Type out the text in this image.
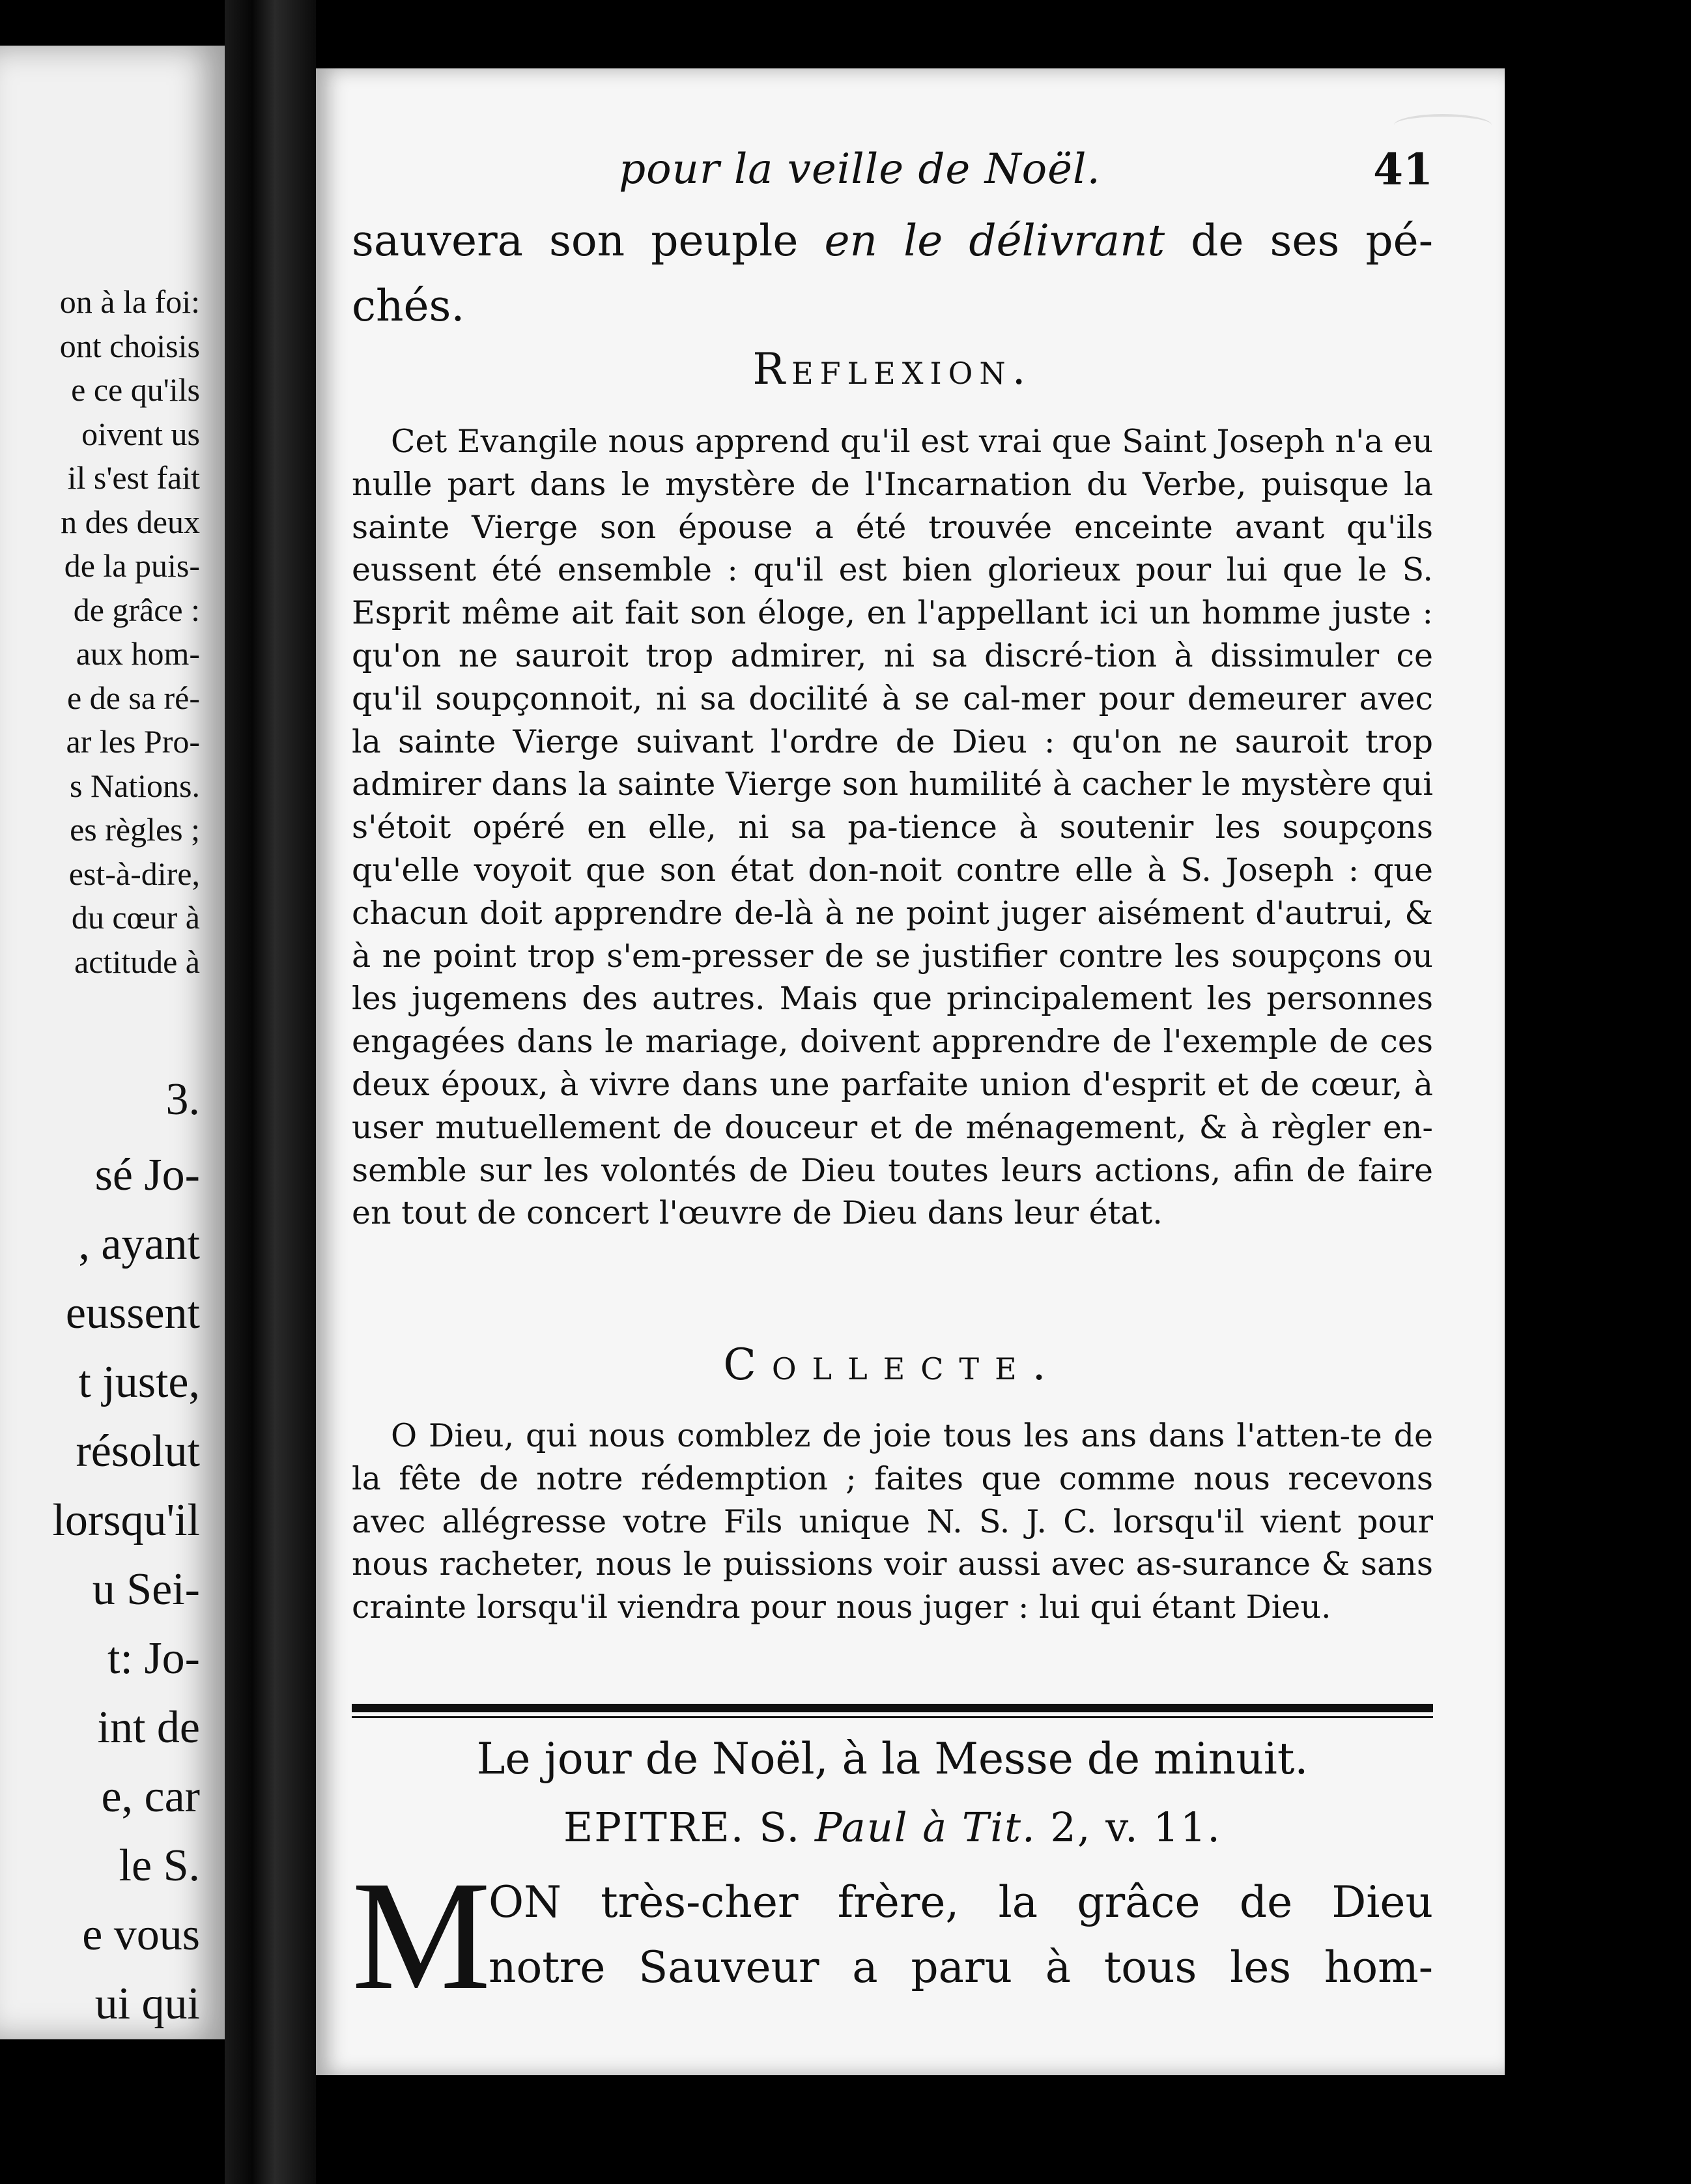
on à la foi:
ont choisis
e ce qu'ils
oivent us
il s'est fait
n des deux
de la puis-
de grâce :
aux hom-
e de sa ré-
ar les Pro-
s Nations.
es règles ;
est-à-dire,
du cœur à
actitude à
3.
sé Jo-
, ayant
eussent
t juste,
résolut
lorsqu'il
u Sei-
t: Jo-
int de
e, car
le S.
e vous
ui qui
pour la veille de Noël.	41

sauvera son peuple en le délivrant de ses pé-chés.

Reflexion.

Cet Evangile nous apprend qu'il est vrai que Saint Joseph n'a eu nulle part dans le mystère de l'Incarnation du Verbe, puisque la sainte Vierge son épouse a été trouvée enceinte avant qu'ils eussent été ensemble : qu'il est bien glorieux pour lui que le S. Esprit même ait fait son éloge, en l'appellant ici un homme juste : qu'on ne sauroit trop admirer, ni sa discré-tion à dissimuler ce qu'il soupçonnoit, ni sa docilité à se cal-mer pour demeurer avec la sainte Vierge suivant l'ordre de Dieu : qu'on ne sauroit trop admirer dans la sainte Vierge son humilité à cacher le mystère qui s'étoit opéré en elle, ni sa pa-tience à soutenir les soupçons qu'elle voyoit que son état don-noit contre elle à S. Joseph : que chacun doit apprendre de-là à ne point juger aisément d'autrui, & à ne point trop s'em-presser de se justifier contre les soupçons ou les jugemens des autres. Mais que principalement les personnes engagées dans le mariage, doivent apprendre de l'exemple de ces deux époux, à vivre dans une parfaite union d'esprit et de cœur, à user mutuellement de douceur et de ménagement, & à règler en-semble sur les volontés de Dieu toutes leurs actions, afin de faire en tout de concert l'œuvre de Dieu dans leur état.

Collecte.

O Dieu, qui nous comblez de joie tous les ans dans l'atten-te de la fête de notre rédemption ; faites que comme nous recevons avec allégresse votre Fils unique N. S. J. C. lorsqu'il vient pour nous racheter, nous le puissions voir aussi avec as-surance & sans crainte lorsqu'il viendra pour nous juger : lui qui étant Dieu.

Le jour de Noël, à la Messe de minuit.
EPITRE. S. Paul à Tit. 2, v. 11.
M
ON très-cher frère, la grâce de Dieu
notre Sauveur a paru à tous les hom-
